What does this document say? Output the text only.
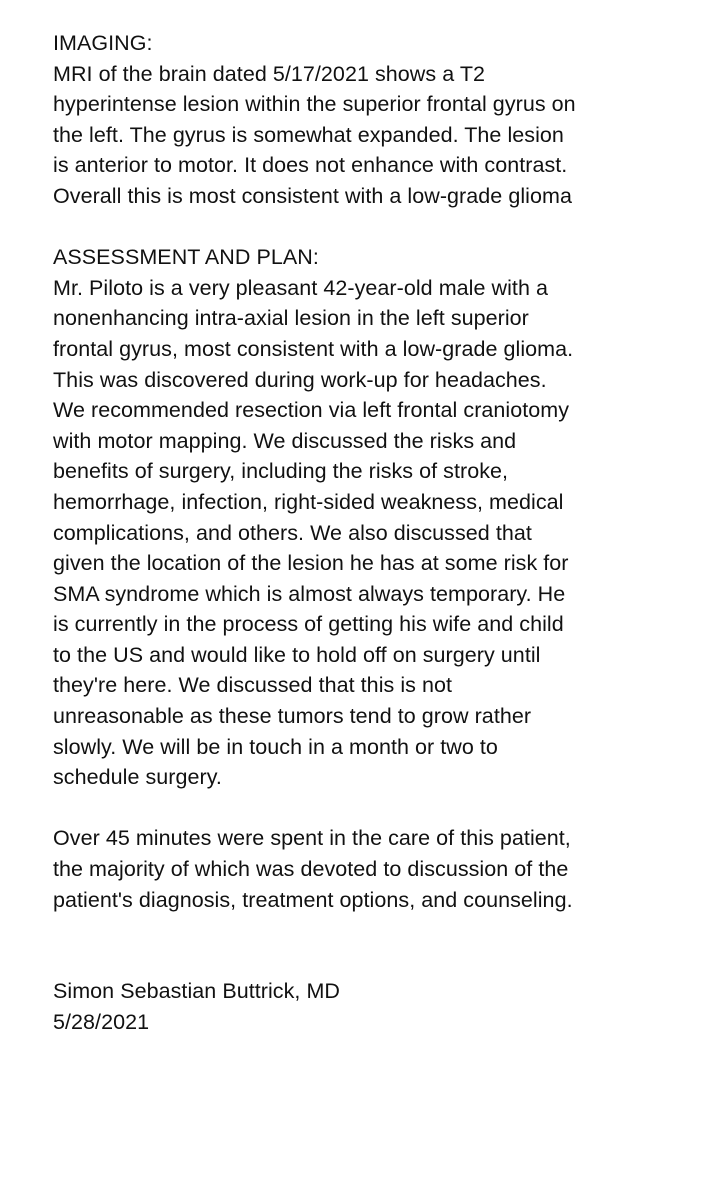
IMAGING:
MRI of the brain dated 5/17/2021 shows a T2
hyperintense lesion within the superior frontal gyrus on
the left. The gyrus is somewhat expanded. The lesion
is anterior to motor. It does not enhance with contrast.
Overall this is most consistent with a low-grade glioma
ASSESSMENT AND PLAN:
Mr. Piloto is a very pleasant 42-year-old male with a
nonenhancing intra-axial lesion in the left superior
frontal gyrus, most consistent with a low-grade glioma.
This was discovered during work-up for headaches.
We recommended resection via left frontal craniotomy
with motor mapping. We discussed the risks and
benefits of surgery, including the risks of stroke,
hemorrhage, infection, right-sided weakness, medical
complications, and others. We also discussed that
given the location of the lesion he has at some risk for
SMA syndrome which is almost always temporary. He
is currently in the process of getting his wife and child
to the US and would like to hold off on surgery until
they're here. We discussed that this is not
unreasonable as these tumors tend to grow rather
slowly. We will be in touch in a month or two to
schedule surgery.
Over 45 minutes were spent in the care of this patient,
the majority of which was devoted to discussion of the
patient's diagnosis, treatment options, and counseling.
Simon Sebastian Buttrick, MD
5/28/2021
